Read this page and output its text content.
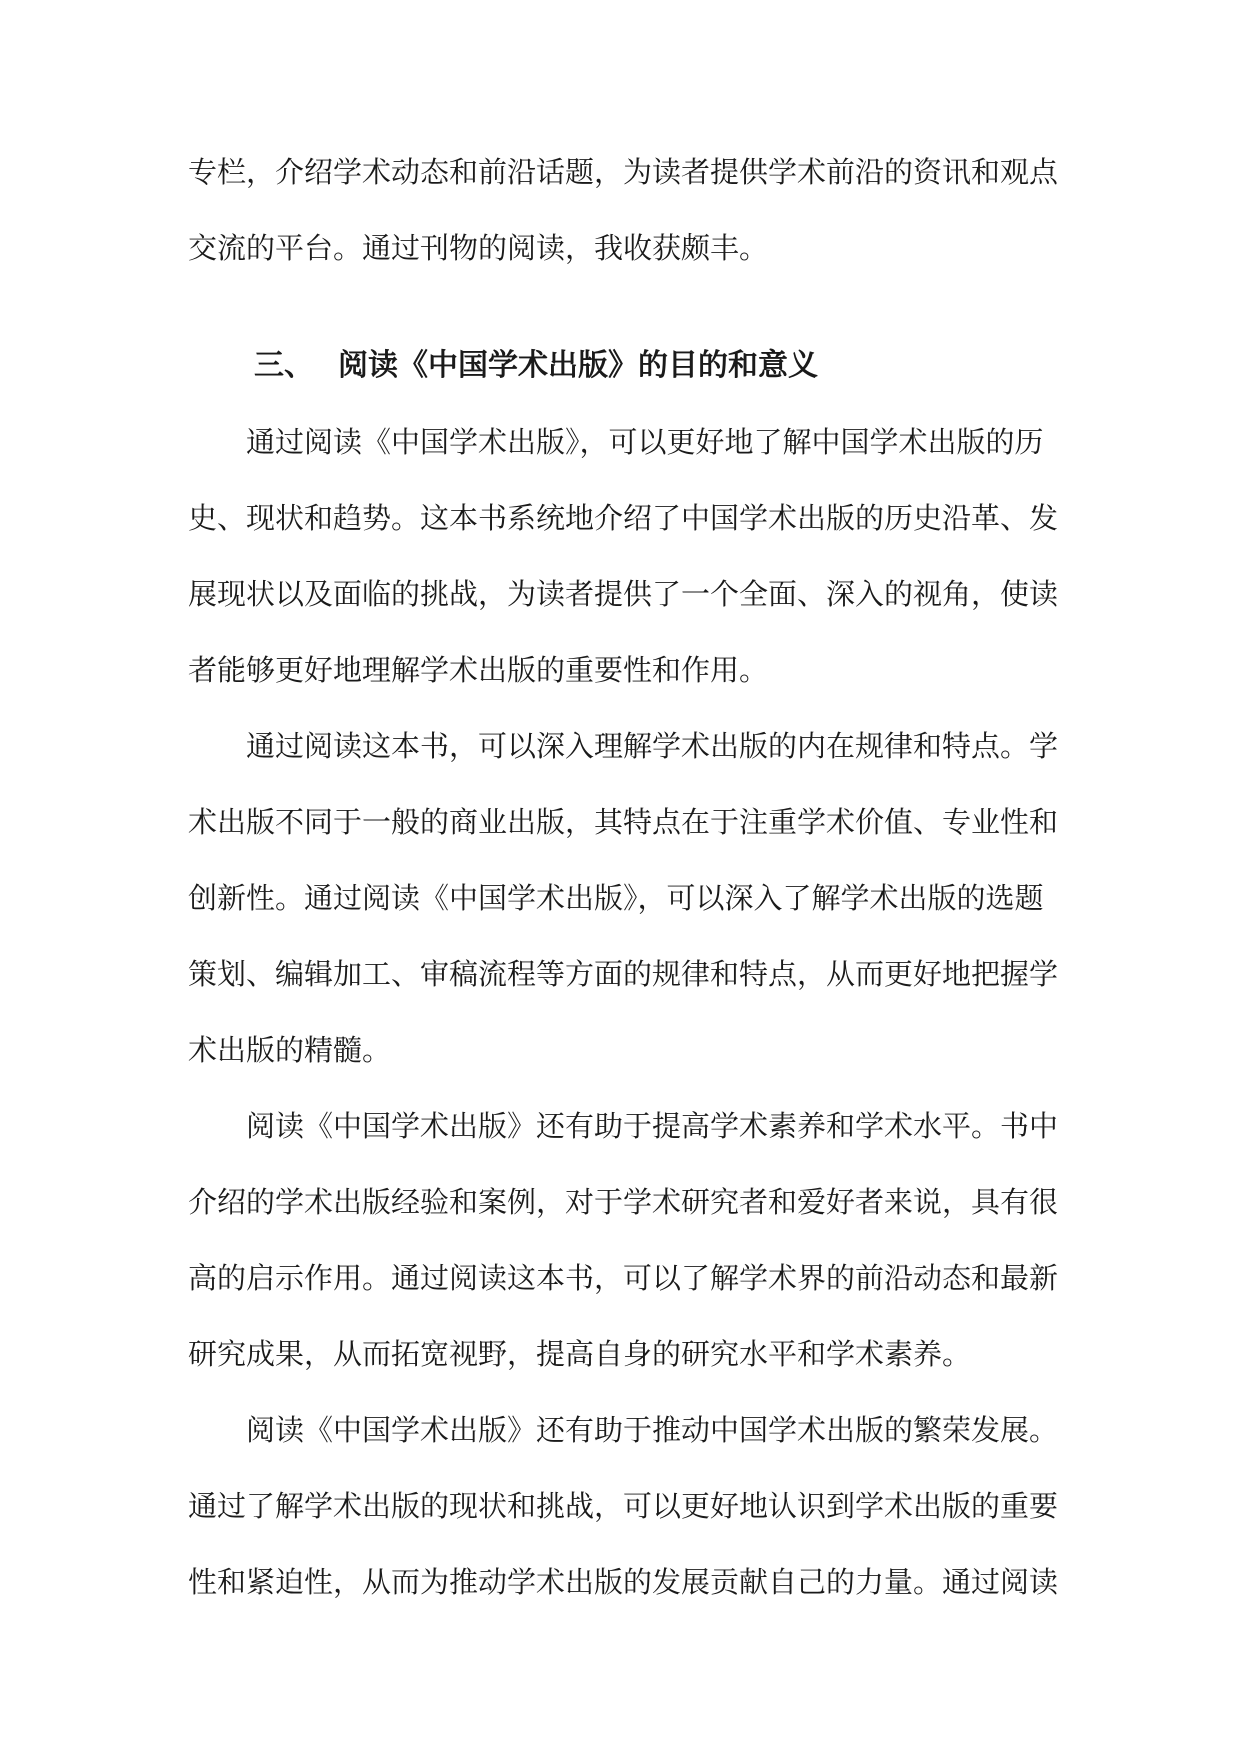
专栏，介绍学术动态和前沿话题，为读者提供学术前沿的资讯和观点
交流的平台。通过刊物的阅读，我收获颇丰。
三、 阅读《中国学术出版》的目的和意义
通过阅读《中国学术出版》，可以更好地了解中国学术出版的历
史、现状和趋势。这本书系统地介绍了中国学术出版的历史沿革、发
展现状以及面临的挑战，为读者提供了一个全面、深入的视角，使读
者能够更好地理解学术出版的重要性和作用。
通过阅读这本书，可以深入理解学术出版的内在规律和特点。学
术出版不同于一般的商业出版，其特点在于注重学术价值、专业性和
创新性。通过阅读《中国学术出版》，可以深入了解学术出版的选题
策划、编辑加工、审稿流程等方面的规律和特点，从而更好地把握学
术出版的精髓。
阅读《中国学术出版》还有助于提高学术素养和学术水平。书中
介绍的学术出版经验和案例，对于学术研究者和爱好者来说，具有很
高的启示作用。通过阅读这本书，可以了解学术界的前沿动态和最新
研究成果，从而拓宽视野，提高自身的研究水平和学术素养。
阅读《中国学术出版》还有助于推动中国学术出版的繁荣发展。
通过了解学术出版的现状和挑战，可以更好地认识到学术出版的重要
性和紧迫性，从而为推动学术出版的发展贡献自己的力量。通过阅读
